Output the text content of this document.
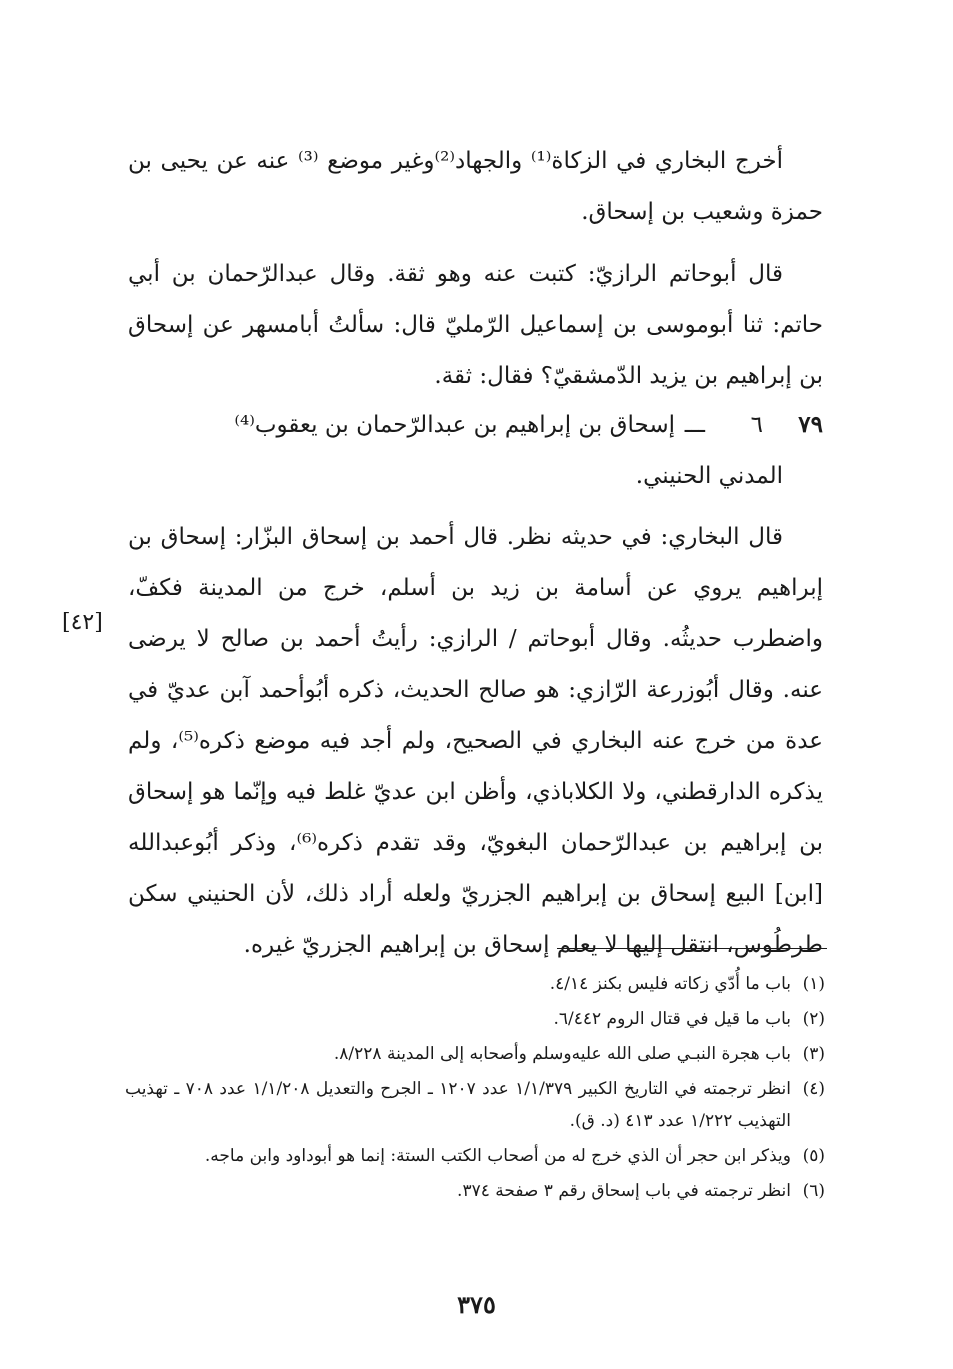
أخرج البخاري في الزكاة⁽¹⁾ والجهاد⁽²⁾وغير موضع ⁽³⁾ عنه عن يحيى بن حمزة وشعيب بن إسحاق.

قال أبوحاتم الرازيّ: كتبت عنه وهو ثقة. وقال عبدالرّحمان بن أبي حاتم: ثنا أبوموسى بن إسماعيل الرّمليّ قال: سألتُ أبامسهر عن إسحاق بن إبراهيم بن يزيد الدّمشقيّ؟ فقال: ثقة.

٧٩
٦
ـــ
إسحاق بن إبراهيم بن عبدالرّحمان بن يعقوب⁽⁴⁾
المدني الحنيني.

قال البخاري: في حديثه نظر. قال أحمد بن إسحاق البزّار: إسحاق بن إبراهيم يروي عن أسامة بن زيد بن أسلم، خرج من المدينة فكفّ، واضطرب حديثُه. وقال أبوحاتم / الرازي: رأيتُ أحمد بن صالح لا يرضى عنه. وقال أبُوزرعة الرّازي: هو صالح الحديث، ذكره أبُوأحمد آبن عديّ في عدة من خرج عنه البخاري في الصحيح، ولم أجد فيه موضع ذكره⁽⁵⁾، ولم يذكره الدارقطني، ولا الكلاباذي، وأظن ابن عديّ غلط فيه وإنّما هو إسحاق بن إبراهيم بن عبدالرّحمان البغويّ، وقد تقدم ذكره⁽⁶⁾، وذكر أبُوعبدالله [ابن] البيع إسحاق بن إبراهيم الجزريّ ولعله أراد ذلك، لأن الحنيني سكن طرطُوس، انتقل إليها لا يعلم إسحاق بن إبراهيم الجزريّ غيره.

[٤٢]
(١)
باب ما أُدّي زكاته فليس بكنز ٤/١٤.
(٢)
باب ما قيل في قتال الروم ٦/٤٤٢.
(٣)
باب هجرة النبـي صلى الله عليه‌وسلم وأصحابه إلى المدينة ٨/٢٢٨.
(٤)
انظر ترجمته في التاريخ الكبير ١/١/٣٧٩ عدد ١٢٠٧ ـ الجرح والتعديل ١/١/٢٠٨ عدد ٧٠٨ ـ تهذيب التهذيب ١/٢٢٢ عدد ٤١٣ (د. ق).
(٥)
ويذكر ابن حجر أن الذي خرج له من أصحاب الكتب الستة: إنما هو أبوداود وابن ماجه.
(٦)
انظر ترجمته في باب إسحاق رقم ٣ صفحة ٣٧٤.
٣٧٥
